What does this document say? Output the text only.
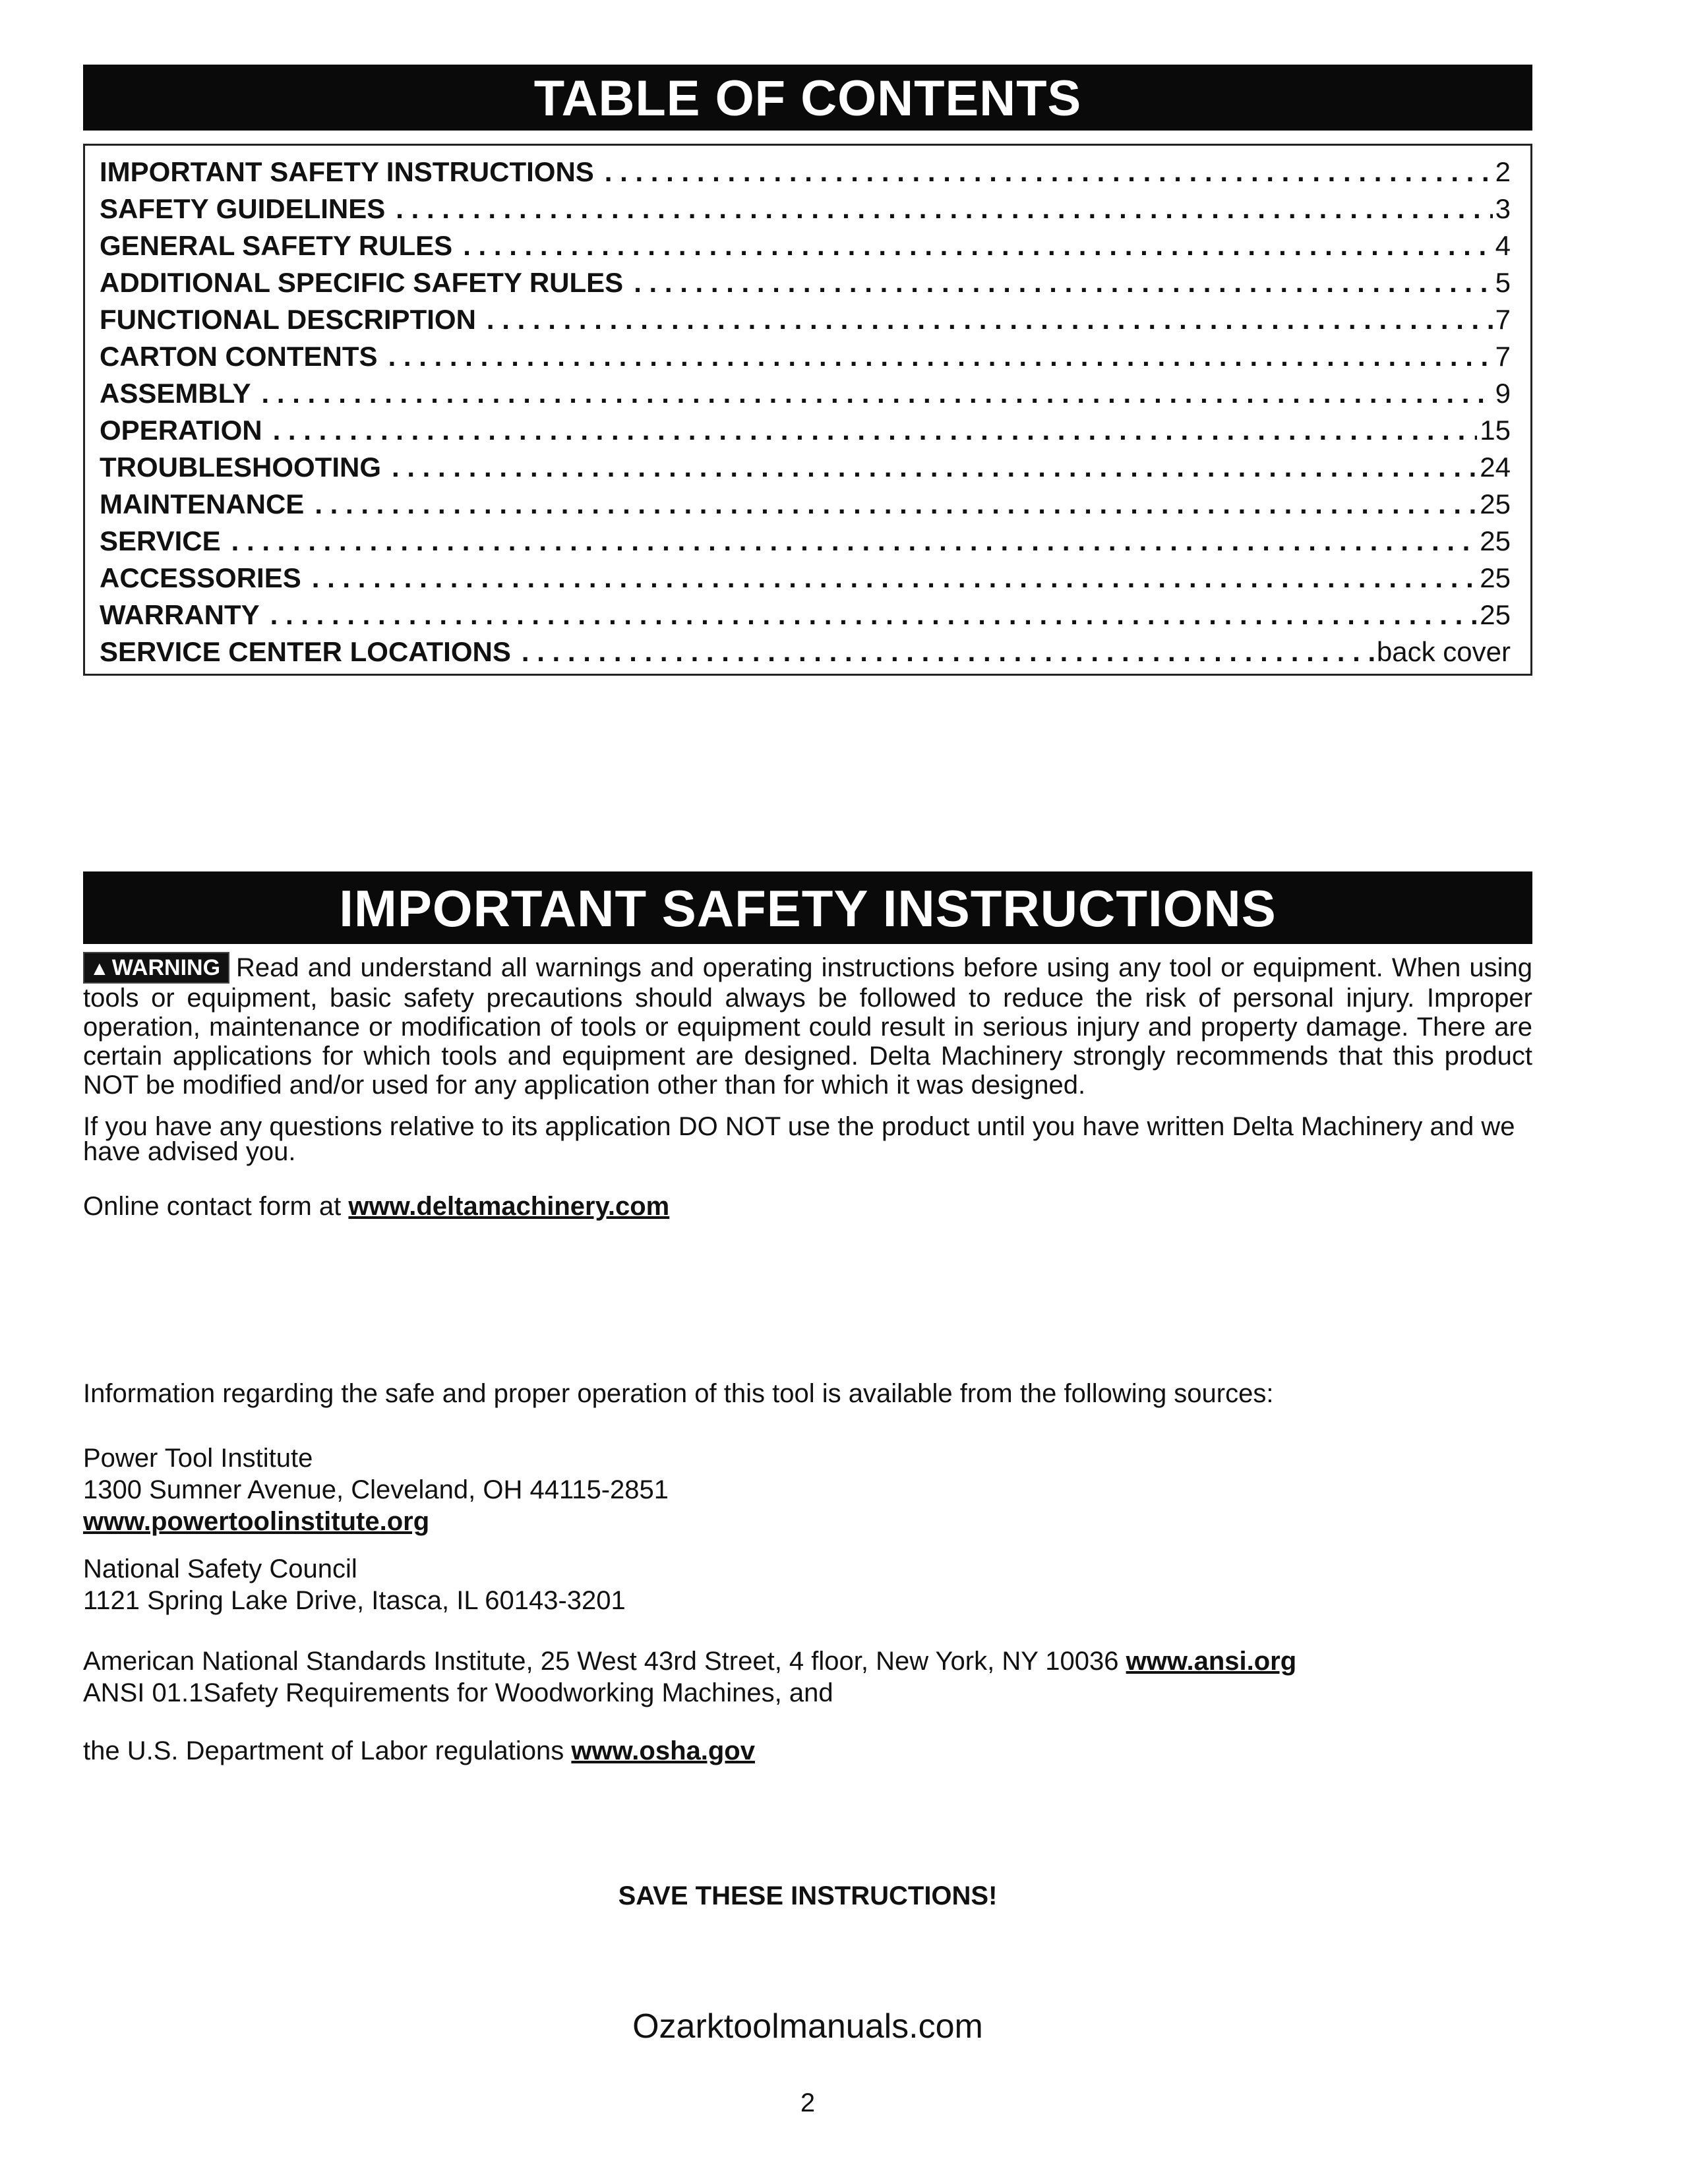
TABLE OF CONTENTS
IMPORTANT SAFETY INSTRUCTIONS . . .	2
SAFETY GUIDELINES . . .	3
GENERAL SAFETY RULES . . .	4
ADDITIONAL SPECIFIC SAFETY RULES . . .	5
FUNCTIONAL DESCRIPTION . . .	7
CARTON CONTENTS . . .	7
ASSEMBLY . . .	9
OPERATION . . .	15
TROUBLESHOOTING . . .	24
MAINTENANCE . . .	25
SERVICE . . .	25
ACCESSORIES . . .	25
WARRANTY . . .	25
SERVICE CENTER LOCATIONS . . .	back cover
IMPORTANT SAFETY INSTRUCTIONS
▲ WARNING Read and understand all warnings and operating instructions before using any tool or equipment. When using tools or equipment, basic safety precautions should always be followed to reduce the risk of personal injury. Improper operation, maintenance or modification of tools or equipment could result in serious injury and property damage. There are certain applications for which tools and equipment are designed. Delta Machinery strongly recommends that this product NOT be modified and/or used for any application other than for which it was designed.
If you have any questions relative to its application DO NOT use the product until you have written Delta Machinery and we have advised you.
Online contact form at www.deltamachinery.com
Information regarding the safe and proper operation of this tool is available from the following sources:
Power Tool Institute
1300 Sumner Avenue, Cleveland, OH 44115-2851
www.powertoolinstitute.org
National Safety Council
1121 Spring Lake Drive, Itasca, IL 60143-3201
American National Standards Institute, 25 West 43rd Street, 4 floor, New York, NY 10036 www.ansi.org
ANSI 01.1Safety Requirements for Woodworking Machines, and
the U.S. Department of Labor regulations www.osha.gov
SAVE THESE INSTRUCTIONS!
Ozarktoolmanuals.com
2
